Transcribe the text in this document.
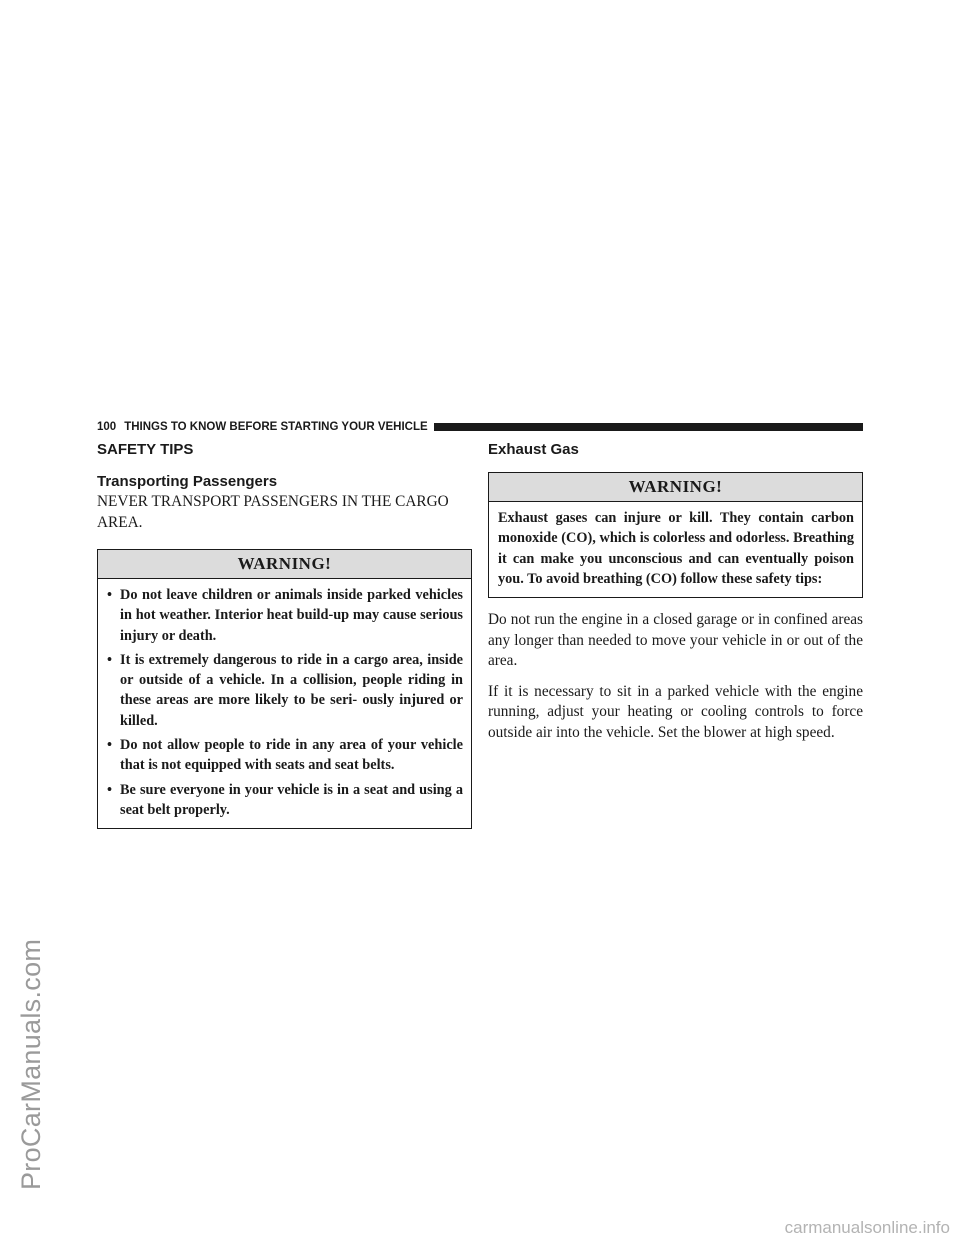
ProCarManuals.com
100 THINGS TO KNOW BEFORE STARTING YOUR VEHICLE
SAFETY TIPS
Transporting Passengers

NEVER TRANSPORT PASSENGERS IN THE CARGO AREA.

WARNING!
• Do not leave children or animals inside parked vehicles in hot weather. Interior heat build-up may cause serious injury or death.
• It is extremely dangerous to ride in a cargo area, inside or outside of a vehicle. In a collision, people riding in these areas are more likely to be seri- ously injured or killed.
• Do not allow people to ride in any area of your vehicle that is not equipped with seats and seat belts.
• Be sure everyone in your vehicle is in a seat and using a seat belt properly.
Exhaust Gas
WARNING!

Exhaust gases can injure or kill. They contain carbon monoxide (CO), which is colorless and odorless. Breathing it can make you unconscious and can eventually poison you. To avoid breathing (CO) follow these safety tips:

Do not run the engine in a closed garage or in confined areas any longer than needed to move your vehicle in or out of the area.

If it is necessary to sit in a parked vehicle with the engine running, adjust your heating or cooling controls to force outside air into the vehicle. Set the blower at high speed.

carmanualsonline.info
